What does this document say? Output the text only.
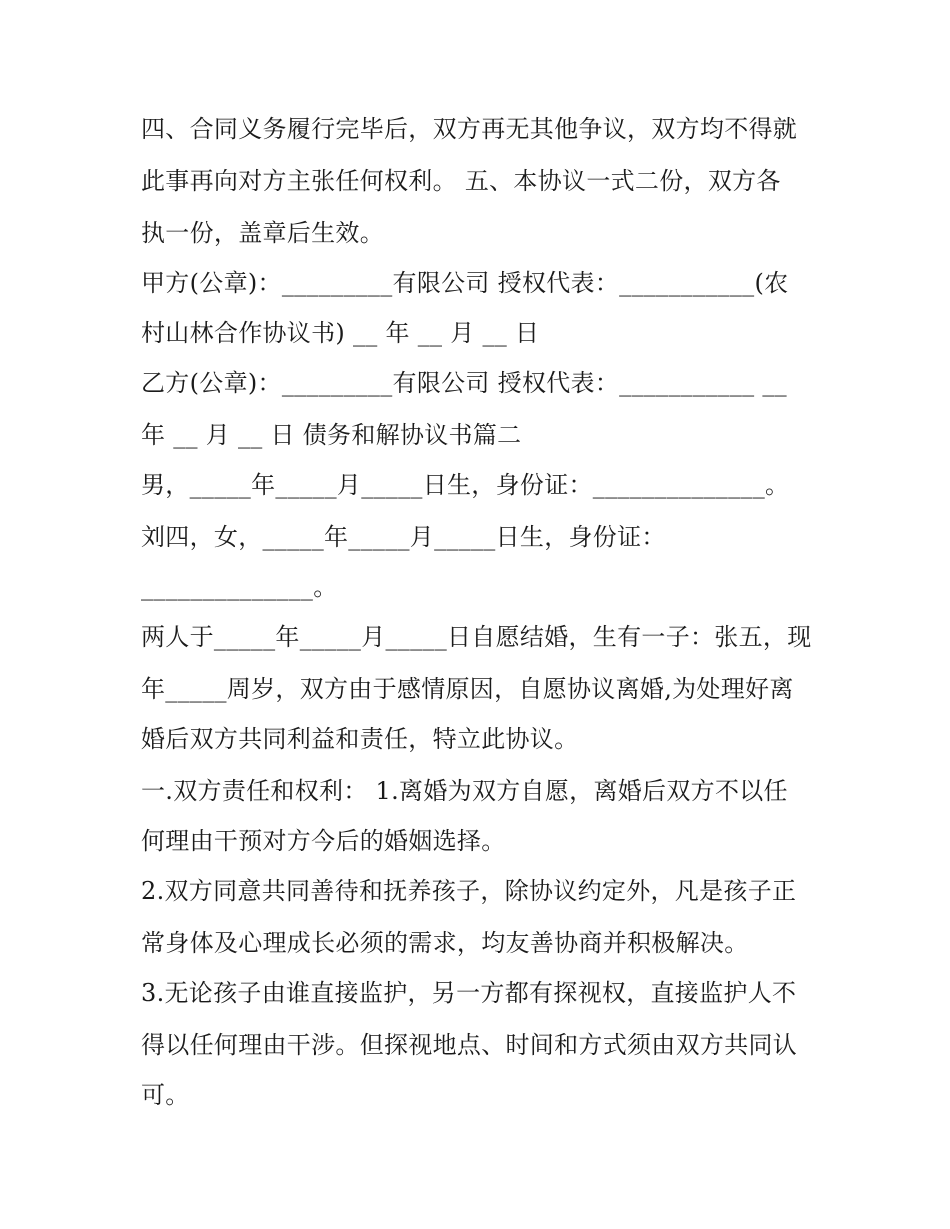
四、合同义务履行完毕后，双方再无其他争议，双方均不得就
此事再向对方主张任何权利。 五、本协议一式二份，双方各
执一份，盖章后生效。
甲方(公章)：_________有限公司 授权代表：___________(农
村山林合作协议书) __ 年 __ 月 __ 日
乙方(公章)：_________有限公司 授权代表：___________ __
年 __ 月 __ 日 债务和解协议书篇二
男，_____年_____月_____日生，身份证：______________。
刘四，女，_____年_____月_____日生，身份证：
______________。
两人于_____年_____月_____日自愿结婚，生有一子：张五，现
年_____周岁，双方由于感情原因，自愿协议离婚,为处理好离
婚后双方共同利益和责任，特立此协议。
一.双方责任和权利： 1.离婚为双方自愿，离婚后双方不以任
何理由干预对方今后的婚姻选择。
2.双方同意共同善待和抚养孩子，除协议约定外，凡是孩子正
常身体及心理成长必须的需求，均友善协商并积极解决。
3.无论孩子由谁直接监护，另一方都有探视权，直接监护人不
得以任何理由干涉。但探视地点、时间和方式须由双方共同认
可。
